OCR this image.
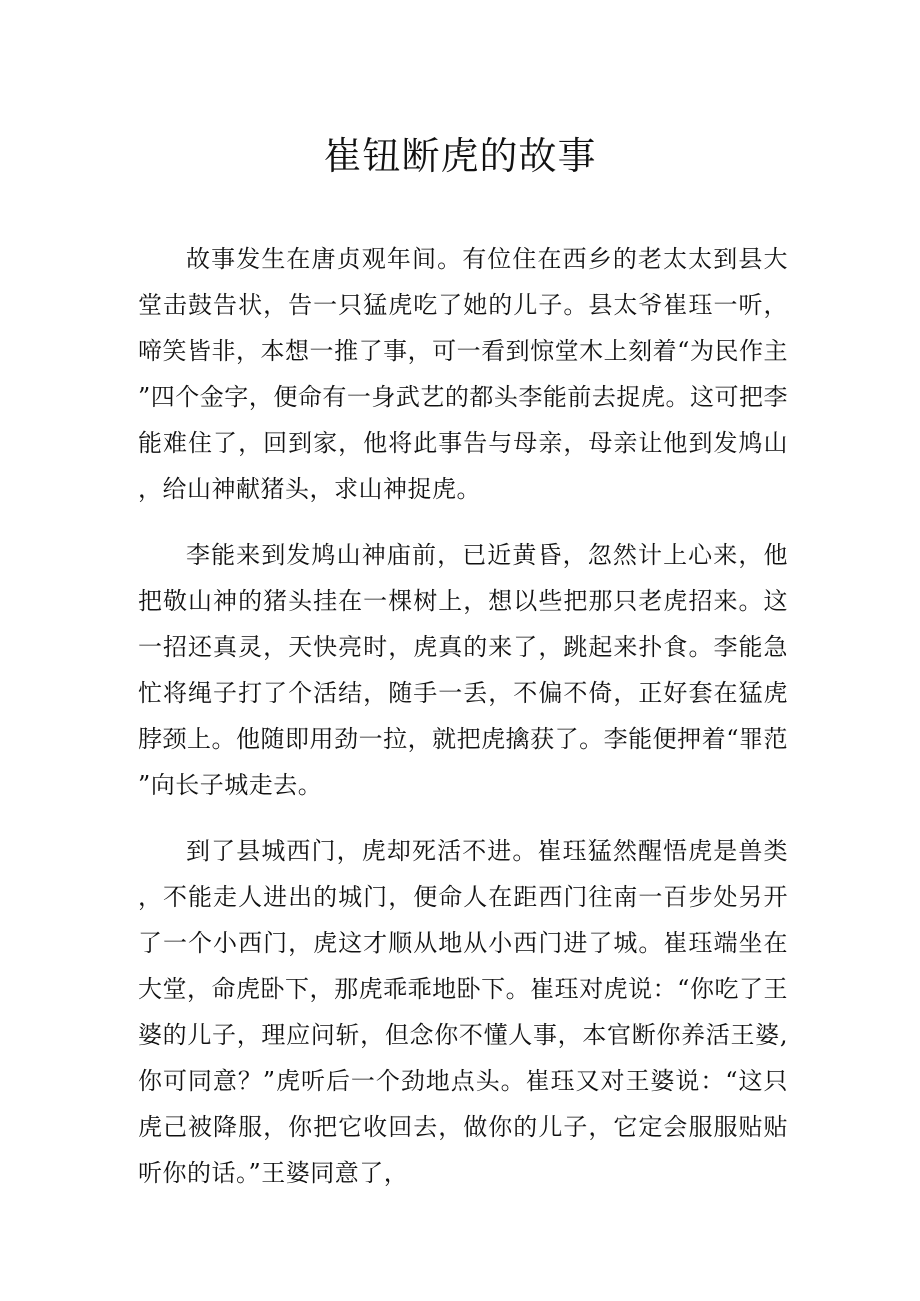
崔钮断虎的故事

故事发生在唐贞观年间。有位住在西乡的老太太到县大堂击鼓告状，告一只猛虎吃了她的儿子。县太爷崔珏一听，啼笑皆非，本想一推了事，可一看到惊堂木上刻着“为民作主”四个金字，便命有一身武艺的都头李能前去捉虎。这可把李能难住了，回到家，他将此事告与母亲，母亲让他到发鸠山，给山神献猪头，求山神捉虎。

李能来到发鸠山神庙前，已近黄昏，忽然计上心来，他把敬山神的猪头挂在一棵树上，想以些把那只老虎招来。这一招还真灵，天快亮时，虎真的来了，跳起来扑食。李能急忙将绳子打了个活结，随手一丢，不偏不倚，正好套在猛虎脖颈上。他随即用劲一拉，就把虎擒获了。李能便押着“罪范”向长子城走去。

到了县城西门，虎却死活不进。崔珏猛然醒悟虎是兽类，不能走人进出的城门，便命人在距西门往南一百步处另开了一个小西门，虎这才顺从地从小西门进了城。崔珏端坐在大堂，命虎卧下，那虎乖乖地卧下。崔珏对虎说：“你吃了王婆的儿子，理应问斩，但念你不懂人事，本官断你养活王婆,你可同意？”虎听后一个劲地点头。崔珏又对王婆说：“这只虎己被降服，你把它收回去，做你的儿子，它定会服服贴贴听你的话。”王婆同意了，
